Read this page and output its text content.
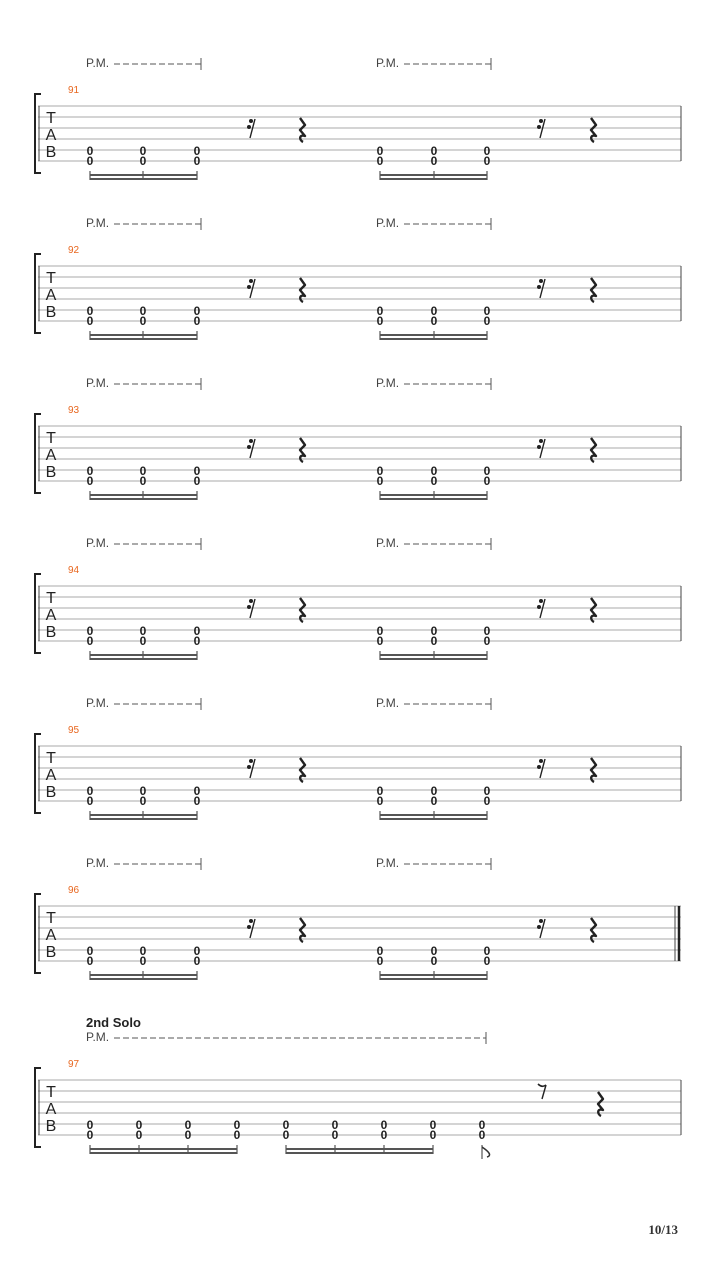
P.M.	P.M.
91
T
A
B	0
0
0
0
0
0
0
0
0
0
0
0
P.M.	P.M.
92
T
A
B	0
0
0
0
0
0
0
0
0
0
0
0
P.M.	P.M.
93
T
A
B	0
0
0
0
0
0
0
0
0
0
0
0
P.M.	P.M.
94
T
A
B	0
0
0
0
0
0
0
0
0
0
0
0
P.M.	P.M.
95
T
A
B	0
0
0
0
0
0
0
0
0
0
0
0
P.M.	P.M.
96
T
A
B	0
0
0
0
0
0
0
0
0
0
0
0
2nd Solo
P.M.
97
T
A
B	0
0
0
0
0
0
0
0
0
0
0
0
0
0
0
0
0
0
10/13
